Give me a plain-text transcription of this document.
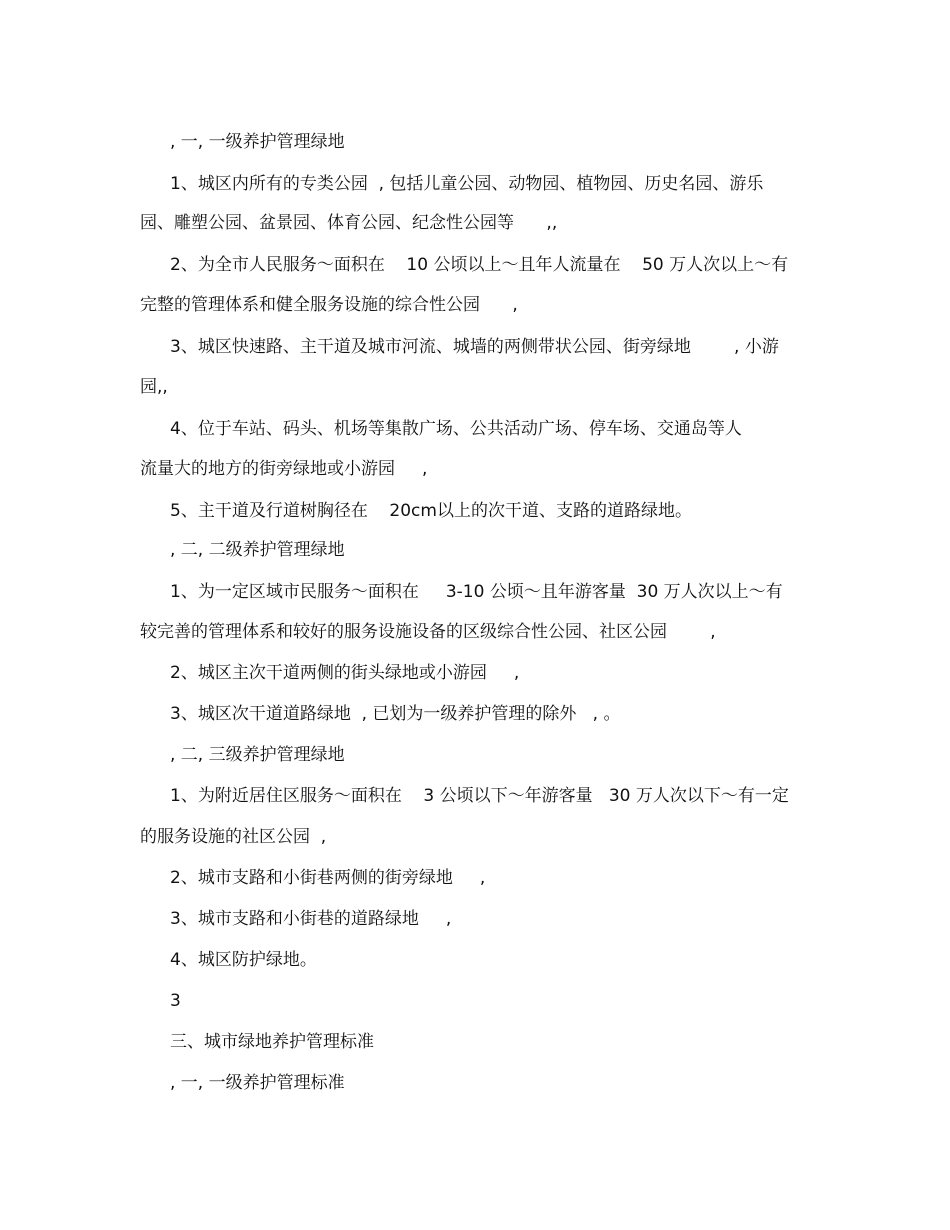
, 一, 一级养护管理绿地
1、城区内所有的专类公园  , 包括儿童公园、动物园、植物园、历史名园、游乐
园、雕塑公园、盆景园、体育公园、纪念性公园等      ,,
2、为全市人民服务～面积在    10 公顷以上～且年人流量在    50 万人次以上～有
完整的管理体系和健全服务设施的综合性公园      ,
3、城区快速路、主干道及城市河流、城墙的两侧带状公园、街旁绿地        , 小游
园,,
4、位于车站、码头、机场等集散广场、公共活动广场、停车场、交通岛等人
流量大的地方的街旁绿地或小游园     ,
5、主干道及行道树胸径在    20cm以上的次干道、支路的道路绿地。
, 二, 二级养护管理绿地
1、为一定区域市民服务～面积在     3-10 公顷～且年游客量  30 万人次以上～有
较完善的管理体系和较好的服务设施设备的区级综合性公园、社区公园        ,
2、城区主次干道两侧的街头绿地或小游园     ,
3、城区次干道道路绿地  , 已划为一级养护管理的除外   , 。
, 二, 三级养护管理绿地
1、为附近居住区服务～面积在    3 公顷以下～年游客量   30 万人次以下～有一定
的服务设施的社区公园  ,
2、城市支路和小街巷两侧的街旁绿地     ,
3、城市支路和小街巷的道路绿地     ,
4、城区防护绿地。
3
三、城市绿地养护管理标准
, 一, 一级养护管理标准
